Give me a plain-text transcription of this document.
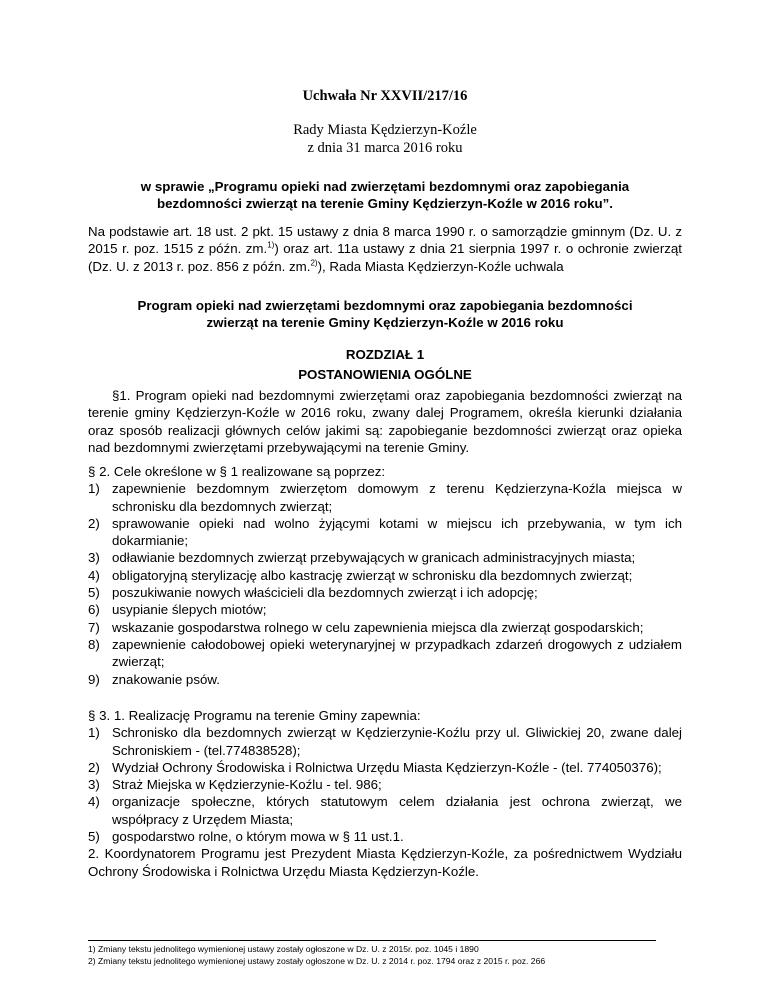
Uchwała Nr XXVII/217/16
Rady Miasta Kędzierzyn-Koźle
z dnia 31 marca 2016 roku
w sprawie „Programu opieki nad zwierzętami bezdomnymi oraz zapobiegania
bezdomności zwierząt na terenie Gminy Kędzierzyn-Koźle w 2016 roku”.
Na podstawie art. 18 ust. 2 pkt. 15 ustawy z dnia 8 marca 1990 r. o samorządzie gminnym (Dz. U. z 2015 r. poz. 1515 z późn. zm.$^{1)}$) oraz art. 11a ustawy z dnia 21 sierpnia 1997 r. o ochronie zwierząt (Dz. U. z 2013 r. poz. 856 z późn. zm.$^{2)}$), Rada Miasta Kędzierzyn-Koźle uchwala
Program opieki nad zwierzętami bezdomnymi oraz zapobiegania bezdomności
zwierząt na terenie Gminy Kędzierzyn-Koźle w 2016 roku
ROZDZIAŁ 1
POSTANOWIENIA OGÓLNE
§1. Program opieki nad bezdomnymi zwierzętami oraz zapobiegania bezdomności zwierząt na terenie gminy Kędzierzyn-Koźle w 2016 roku, zwany dalej Programem, określa kierunki działania oraz sposób realizacji głównych celów jakimi są: zapobieganie bezdomności zwierząt oraz opieka nad bezdomnymi zwierzętami przebywającymi na terenie Gminy.
§ 2. Cele określone w § 1 realizowane są poprzez:
1) zapewnienie bezdomnym zwierzętom domowym z terenu Kędzierzyna-Koźla miejsca w schronisku dla bezdomnych zwierząt;
2) sprawowanie opieki nad wolno żyjącymi kotami w miejscu ich przebywania, w tym ich dokarmianie;
3) odławianie bezdomnych zwierząt przebywających w granicach administracyjnych miasta;
4) obligatoryjną sterylizację albo kastrację zwierząt w schronisku dla bezdomnych zwierząt;
5) poszukiwanie nowych właścicieli dla bezdomnych zwierząt i ich adopcję;
6) usypianie ślepych miotów;
7) wskazanie gospodarstwa rolnego w celu zapewnienia miejsca dla zwierząt gospodarskich;
8) zapewnienie całodobowej opieki weterynaryjnej w przypadkach zdarzeń drogowych z udziałem zwierząt;
9) znakowanie psów.
§ 3. 1. Realizację Programu na terenie Gminy zapewnia:
1) Schronisko dla bezdomnych zwierząt w Kędzierzynie-Koźlu przy ul. Gliwickiej 20, zwane dalej Schroniskiem - (tel.774838528);
2) Wydział Ochrony Środowiska i Rolnictwa Urzędu Miasta Kędzierzyn-Koźle - (tel. 774050376);
3) Straż Miejska w Kędzierzynie-Koźlu - tel. 986;
4) organizacje społeczne, których statutowym celem działania jest ochrona zwierząt, we współpracy z Urzędem Miasta;
5) gospodarstwo rolne, o którym mowa w § 11 ust.1.
2. Koordynatorem Programu jest Prezydent Miasta Kędzierzyn-Koźle, za pośrednictwem Wydziału Ochrony Środowiska i Rolnictwa Urzędu Miasta Kędzierzyn-Koźle.
1) Zmiany tekstu jednolitego wymienionej ustawy zostały ogłoszone w Dz. U. z 2015r. poz. 1045 i 1890
2) Zmiany tekstu jednolitego wymienionej ustawy zostały ogłoszone w Dz. U. z 2014 r. poz. 1794 oraz z 2015 r. poz. 266
